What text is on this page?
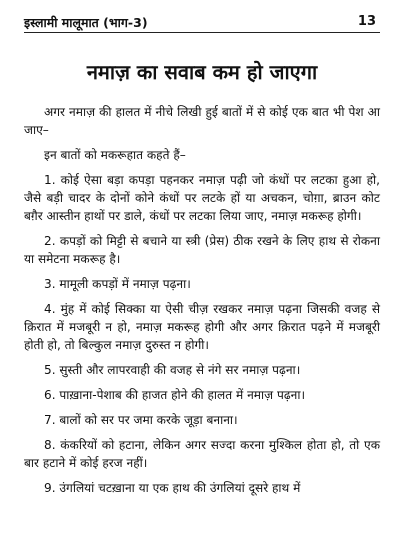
इस्लामी मालूमात (भाग-3)	13
नमाज़ का सवाब कम हो जाएगा

अगर नमाज़ की हालत में नीचे लिखी हुई बातों में से कोई एक बात भी पेश आ जाए–

इन बातों को मकरूहात कहते हैं–

1. कोई ऐसा बड़ा कपड़ा पहनकर नमाज़ पढ़ी जो कंधों पर लटका हुआ हो, जैसे बड़ी चादर के दोनों कोने कंधों पर लटके हों या अचकन, चोग़ा, ब्राउन कोट बग़ैर आस्तीन हाथों पर डाले, कंधों पर लटका लिया जाए, नमाज़ मकरूह होगी।

2. कपड़ों को मिट्टी से बचाने या स्त्री (प्रेस) ठीक रखने के लिए हाथ से रोकना या समेटना मकरूह है।

3. मामूली कपड़ों में नमाज़ पढ़ना।

4. मुंह में कोई सिक्का या ऐसी चीज़ रखकर नमाज़ पढ़ना जिसकी वजह से क़िरात में मजबूरी न हो, नमाज़ मकरूह होगी और अगर क़िरात पढ़ने में मजबूरी होती हो, तो बिल्कुल नमाज़ दुरुस्त न होगी।

5. सुस्ती और लापरवाही की वजह से नंगे सर नमाज़ पढ़ना।

6. पाख़ाना-पेशाब की हाजत होने की हालत में नमाज़ पढ़ना।

7. बालों को सर पर जमा करके जूड़ा बनाना।

8. कंकरियों को हटाना, लेकिन अगर सज्दा करना मुश्किल होता हो, तो एक बार हटाने में कोई हरज नहीं।

9. उंगलियां चटख़ाना या एक हाथ की उंगलियां दूसरे हाथ में
